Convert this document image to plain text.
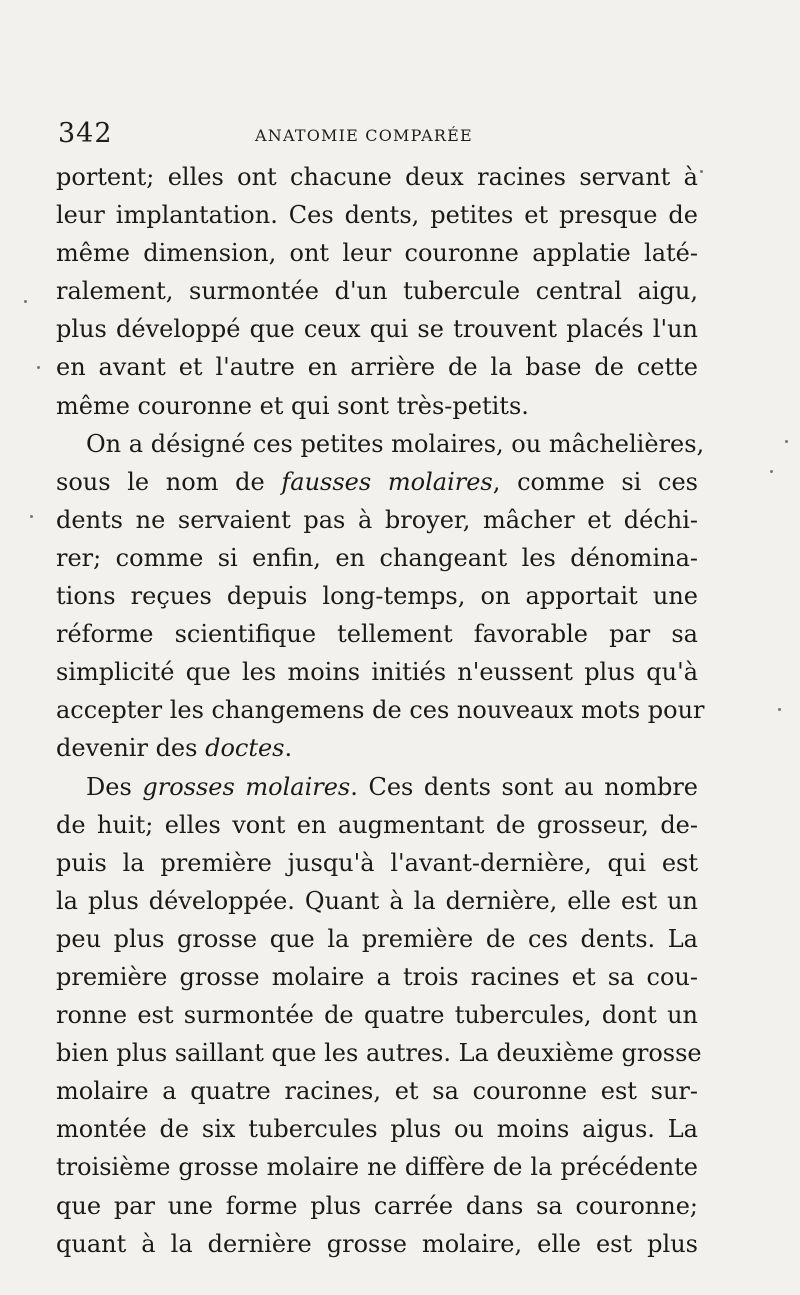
342	ANATOMIE COMPARÉE
portent; elles ont chacune deux racines servant à
leur implantation. Ces dents, petites et presque de
même dimension, ont leur couronne applatie laté-
ralement, surmontée d'un tubercule central aigu,
plus développé que ceux qui se trouvent placés l'un
en avant et l'autre en arrière de la base de cette
même couronne et qui sont très-petits.
On a désigné ces petites molaires, ou mâchelières,
sous le nom de fausses molaires, comme si ces
dents ne servaient pas à broyer, mâcher et déchi-
rer; comme si enfin, en changeant les dénomina-
tions reçues depuis long-temps, on apportait une
réforme scientifique tellement favorable par sa
simplicité que les moins initiés n'eussent plus qu'à
accepter les changemens de ces nouveaux mots pour
devenir des doctes.
Des grosses molaires. Ces dents sont au nombre
de huit; elles vont en augmentant de grosseur, de-
puis la première jusqu'à l'avant-dernière, qui est
la plus développée. Quant à la dernière, elle est un
peu plus grosse que la première de ces dents. La
première grosse molaire a trois racines et sa cou-
ronne est surmontée de quatre tubercules, dont un
bien plus saillant que les autres. La deuxième grosse
molaire a quatre racines, et sa couronne est sur-
montée de six tubercules plus ou moins aigus. La
troisième grosse molaire ne diffère de la précédente
que par une forme plus carrée dans sa couronne;
quant à la dernière grosse molaire, elle est plus
